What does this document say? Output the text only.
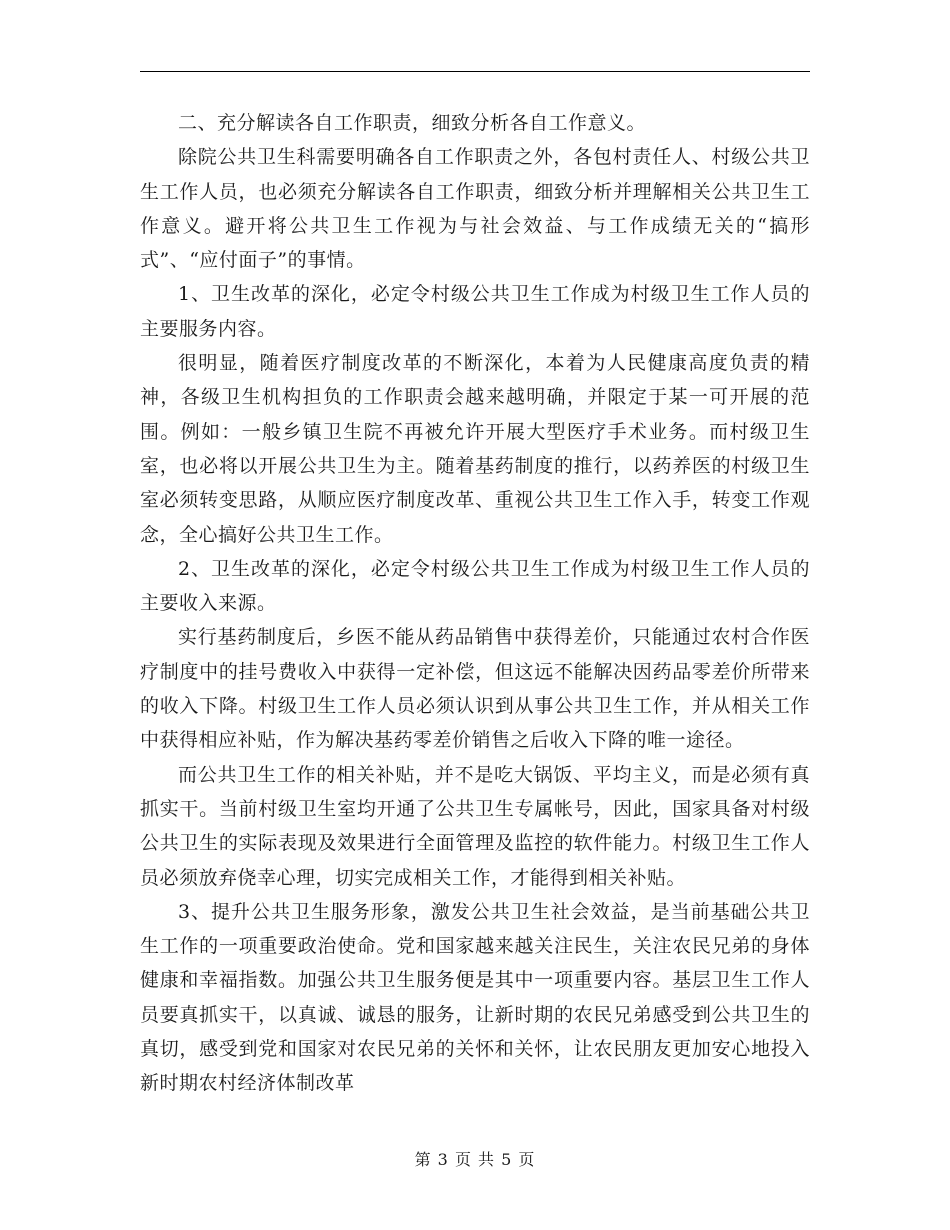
二、充分解读各自工作职责，细致分析各自工作意义。

除院公共卫生科需要明确各自工作职责之外，各包村责任人、村级公共卫生工作人员，也必须充分解读各自工作职责，细致分析并理解相关公共卫生工作意义。避开将公共卫生工作视为与社会效益、与工作成绩无关的“搞形式”、“应付面子”的事情。

1、卫生改革的深化，必定令村级公共卫生工作成为村级卫生工作人员的主要服务内容。

很明显，随着医疗制度改革的不断深化，本着为人民健康高度负责的精神，各级卫生机构担负的工作职责会越来越明确，并限定于某一可开展的范围。例如：一般乡镇卫生院不再被允许开展大型医疗手术业务。而村级卫生室，也必将以开展公共卫生为主。随着基药制度的推行，以药养医的村级卫生室必须转变思路，从顺应医疗制度改革、重视公共卫生工作入手，转变工作观念，全心搞好公共卫生工作。

2、卫生改革的深化，必定令村级公共卫生工作成为村级卫生工作人员的主要收入来源。

实行基药制度后，乡医不能从药品销售中获得差价，只能通过农村合作医疗制度中的挂号费收入中获得一定补偿，但这远不能解决因药品零差价所带来的收入下降。村级卫生工作人员必须认识到从事公共卫生工作，并从相关工作中获得相应补贴，作为解决基药零差价销售之后收入下降的唯一途径。

而公共卫生工作的相关补贴，并不是吃大锅饭、平均主义，而是必须有真抓实干。当前村级卫生室均开通了公共卫生专属帐号，因此，国家具备对村级公共卫生的实际表现及效果进行全面管理及监控的软件能力。村级卫生工作人员必须放弃侥幸心理，切实完成相关工作，才能得到相关补贴。

3、提升公共卫生服务形象，激发公共卫生社会效益，是当前基础公共卫生工作的一项重要政治使命。党和国家越来越关注民生，关注农民兄弟的身体健康和幸福指数。加强公共卫生服务便是其中一项重要内容。基层卫生工作人员要真抓实干，以真诚、诚恳的服务，让新时期的农民兄弟感受到公共卫生的真切，感受到党和国家对农民兄弟的关怀和关怀，让农民朋友更加安心地投入新时期农村经济体制改革

第 3 页 共 5 页
